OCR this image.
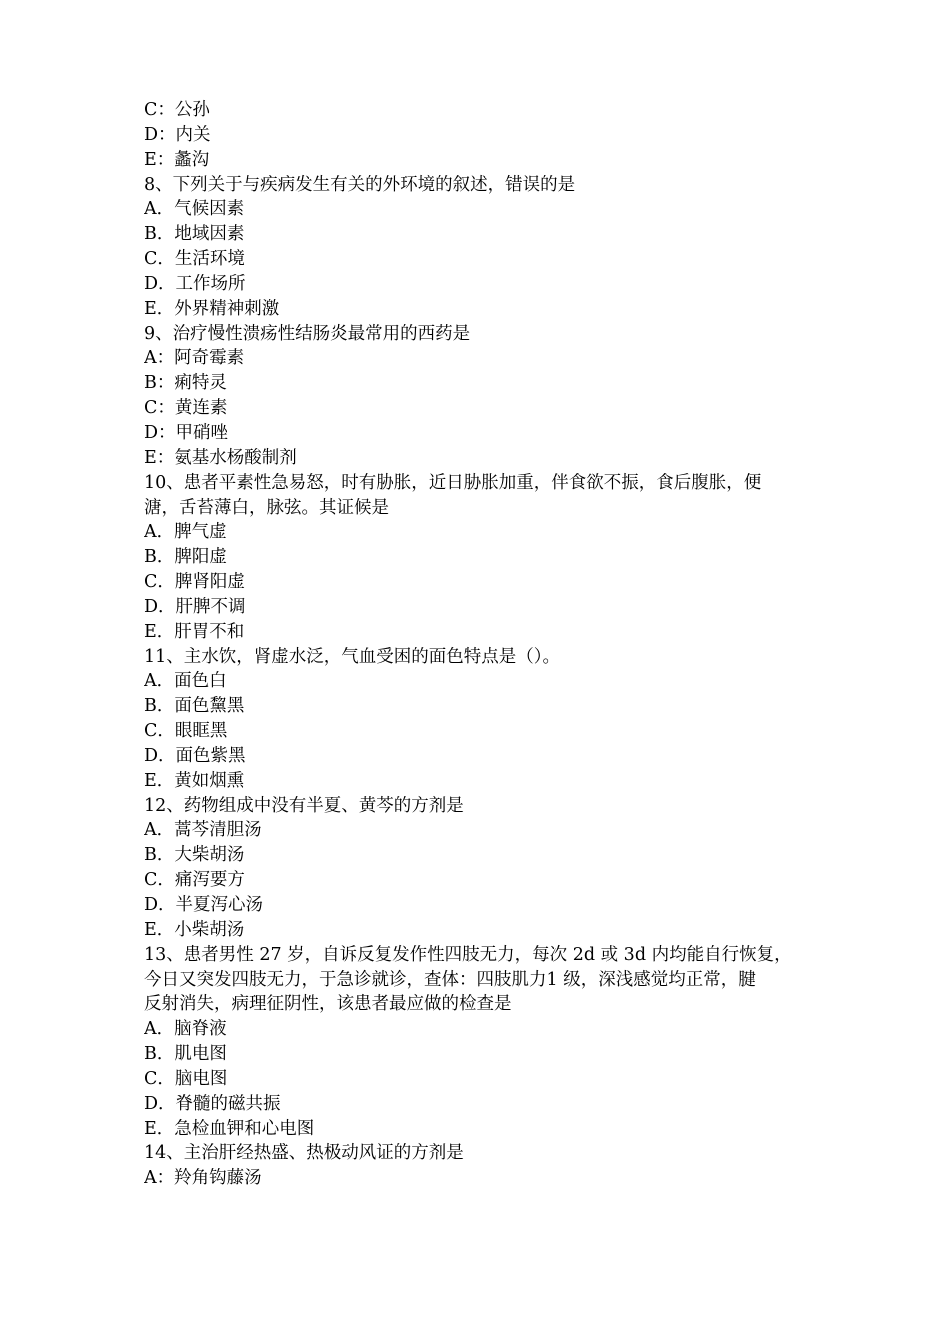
C：公孙
D：内关
E：蠡沟
8、下列关于与疾病发生有关的外环境的叙述，错误的是
A．气候因素
B．地域因素
C．生活环境
D．工作场所
E．外界精神刺激
9、治疗慢性溃疡性结肠炎最常用的西药是
A：阿奇霉素
B：痢特灵
C：黄连素
D：甲硝唑
E：氨基水杨酸制剂
10、患者平素性急易怒，时有胁胀，近日胁胀加重，伴食欲不振，食后腹胀，便
溏，舌苔薄白，脉弦。其证候是
A．脾气虚
B．脾阳虚
C．脾肾阳虚
D．肝脾不调
E．肝胃不和
11、主水饮，肾虚水泛，气血受困的面色特点是（）。
A．面色白
B．面色黧黑
C．眼眶黑
D．面色紫黑
E．黄如烟熏
12、药物组成中没有半夏、黄芩的方剂是
A．蒿芩清胆汤
B．大柴胡汤
C．痛泻要方
D．半夏泻心汤
E．小柴胡汤
13、患者男性 27 岁，自诉反复发作性四肢无力，每次 2d 或 3d 内均能自行恢复，
今日又突发四肢无力，于急诊就诊，查体：四肢肌力1 级，深浅感觉均正常，腱
反射消失，病理征阴性，该患者最应做的检查是
A．脑脊液
B．肌电图
C．脑电图
D．脊髓的磁共振
E．急检血钾和心电图
14、主治肝经热盛、热极动风证的方剂是
A：羚角钩藤汤
